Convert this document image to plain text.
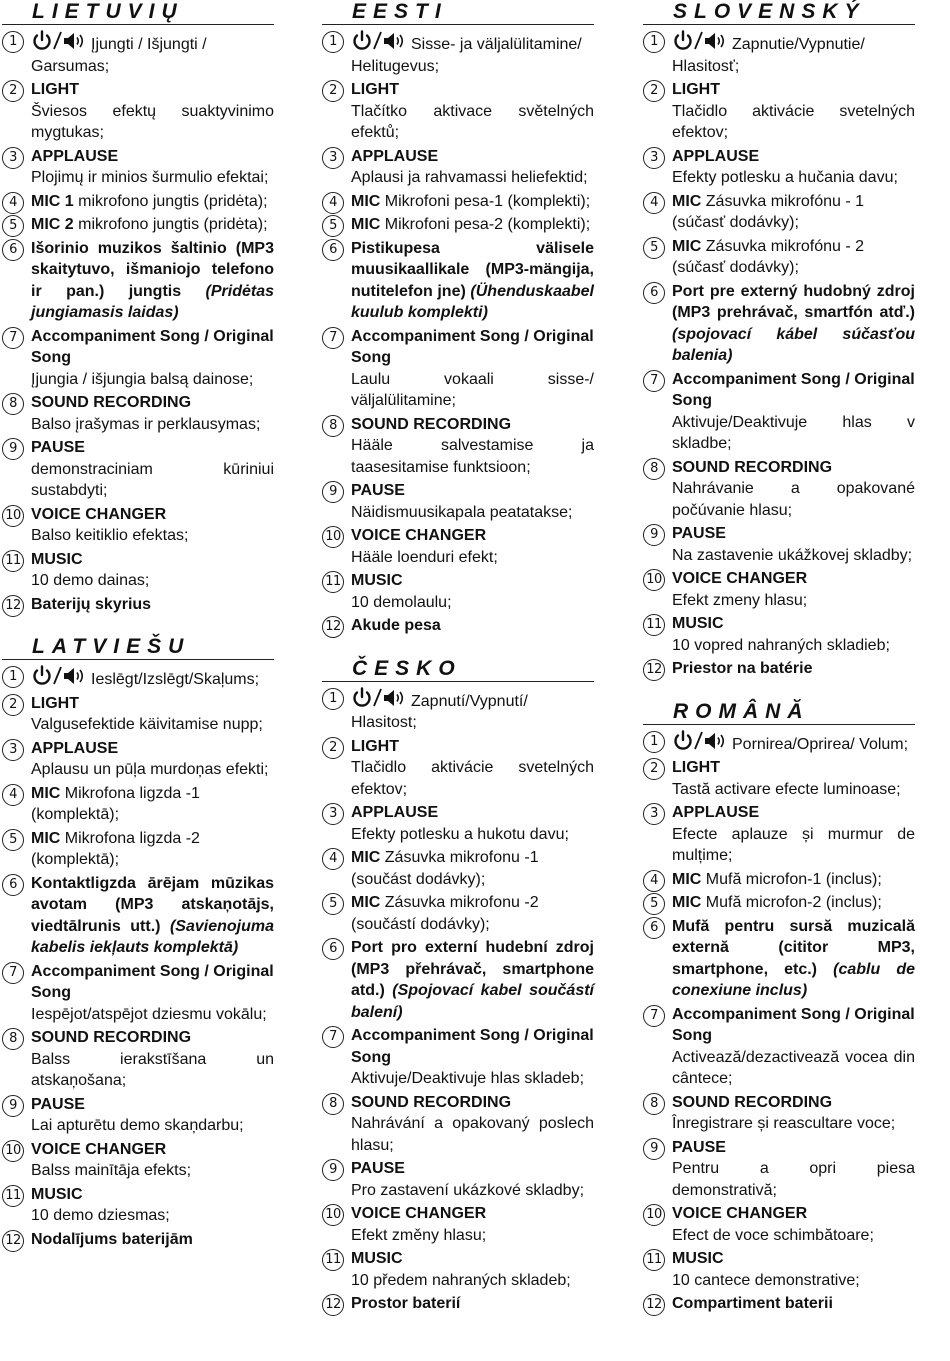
LIETUVIŲ
1	Įjungti / Išjungti / Garsumas;
2 LIGHT
Šviesos efektų suaktyvinimo mygtukas;
3 APPLAUSE
Plojimų ir minios šurmulio efektai;
4 MIC 1 mikrofono jungtis (pridėta);
5 MIC 2 mikrofono jungtis (pridėta);
6 Išorinio muzikos šaltinio (MP3 skaitytuvo, išmaniojo telefono ir pan.) jungtis (Pridėtas jungiamasis laidas)
7 Accompaniment Song / Original Song
Įjungia / išjungia balsą dainose;
8 SOUND RECORDING
Balso įrašymas ir perklausymas;
9 PAUSE
demonstraciniam kūriniui sustabdyti;
10 VOICE CHANGER
Balso keitiklio efektas;
11 MUSIC
10 demo dainas;
12 Baterijų skyrius
LATVIEŠU
1	Ieslēgt/Izslēgt/Skaļums;
2 LIGHT
Valgusefektide käivitamise nupp;
3 APPLAUSE
Aplausu un pūļa murdoņas efekti;
4 MIC Mikrofona ligzda -1 (komplektā);
5 MIC Mikrofona ligzda -2 (komplektā);
6 Kontaktligzda ārējam mūzikas avotam (MP3 atskaņotājs, viedtālrunis utt.) (Savienojuma kabelis iekļauts komplektā)
7 Accompaniment Song / Original Song
Iespējot/atspējot dziesmu vokālu;
8 SOUND RECORDING
Balss ierakstīšana un atskaņošana;
9 PAUSE
Lai apturētu demo skaņdarbu;
10 VOICE CHANGER
Balss mainītāja efekts;
11 MUSIC
10 demo dziesmas;
12 Nodalījums baterijām
EESTI
1	Sisse- ja väljalülitamine/ Helitugevus;
2 LIGHT
Tlačítko aktivace světelných efektů;
3 APPLAUSE
Aplausi ja rahvamassi heliefektid;
4 MIC Mikrofoni pesa-1 (komplekti);
5 MIC Mikrofoni pesa-2 (komplekti);
6 Pistikupesa välisele muusikaallikale (MP3-mängija, nutitelefon jne) (Ühenduskaabel kuulub komplekti)
7 Accompaniment Song / Original Song
Laulu vokaali sisse-/ väljalülitamine;
8 SOUND RECORDING
Hääle salvestamise ja taasesitamise funktsioon;
9 PAUSE
Näidismuusikapala peatatakse;
10 VOICE CHANGER
Hääle loenduri efekt;
11 MUSIC
10 demolaulu;
12 Akude pesa
ČESKO
1	Zapnutí/Vypnutí/ Hlasitost;
2 LIGHT
Tlačidlo aktivácie svetelných efektov;
3 APPLAUSE
Efekty potlesku a hukotu davu;
4 MIC Zásuvka mikrofonu -1 (součást dodávky);
5 MIC Zásuvka mikrofonu -2 (součástí dodávky);
6 Port pro externí hudební zdroj (MP3 přehrávač, smartphone atd.) (Spojovací kabel součástí balení)
7 Accompaniment Song / Original Song
Aktivuje/Deaktivuje hlas skladeb;
8 SOUND RECORDING
Nahrávání a opakovaný poslech hlasu;
9 PAUSE
Pro zastavení ukázkové skladby;
10 VOICE CHANGER
Efekt změny hlasu;
11 MUSIC
10 předem nahraných skladeb;
12 Prostor baterií
SLOVENSKÝ
1	Zapnutie/Vypnutie/ Hlasitosť;
2 LIGHT
Tlačidlo aktivácie svetelných efektov;
3 APPLAUSE
Efekty potlesku a hučania davu;
4 MIC Zásuvka mikrofónu - 1 (súčasť dodávky);
5 MIC Zásuvka mikrofónu - 2 (súčasť dodávky);
6 Port pre externý hudobný zdroj (MP3 prehrávač, smartfón atď.) (spojovací kábel súčasťou balenia)
7 Accompaniment Song / Original Song
Aktivuje/Deaktivuje hlas v skladbe;
8 SOUND RECORDING
Nahrávanie a opakované počúvanie hlasu;
9 PAUSE
Na zastavenie ukážkovej skladby;
10 VOICE CHANGER
Efekt zmeny hlasu;
11 MUSIC
10 vopred nahraných skladieb;
12 Priestor na batérie
ROMÂNĂ
1	Pornirea/Oprirea/ Volum;
2 LIGHT
Tastă activare efecte luminoase;
3 APPLAUSE
Efecte aplauze și murmur de mulțime;
4 MIC Mufă microfon-1 (inclus);
5 MIC Mufă microfon-2 (inclus);
6 Mufă pentru sursă muzicală externă (cititor MP3, smartphone, etc.) (cablu de conexiune inclus)
7 Accompaniment Song / Original Song
Activează/dezactivează vocea din cântece;
8 SOUND RECORDING
Înregistrare și reascultare voce;
9 PAUSE
Pentru a opri piesa demonstrativă;
10 VOICE CHANGER
Efect de voce schimbătoare;
11 MUSIC
10 cantece demonstrative;
12 Compartiment baterii
